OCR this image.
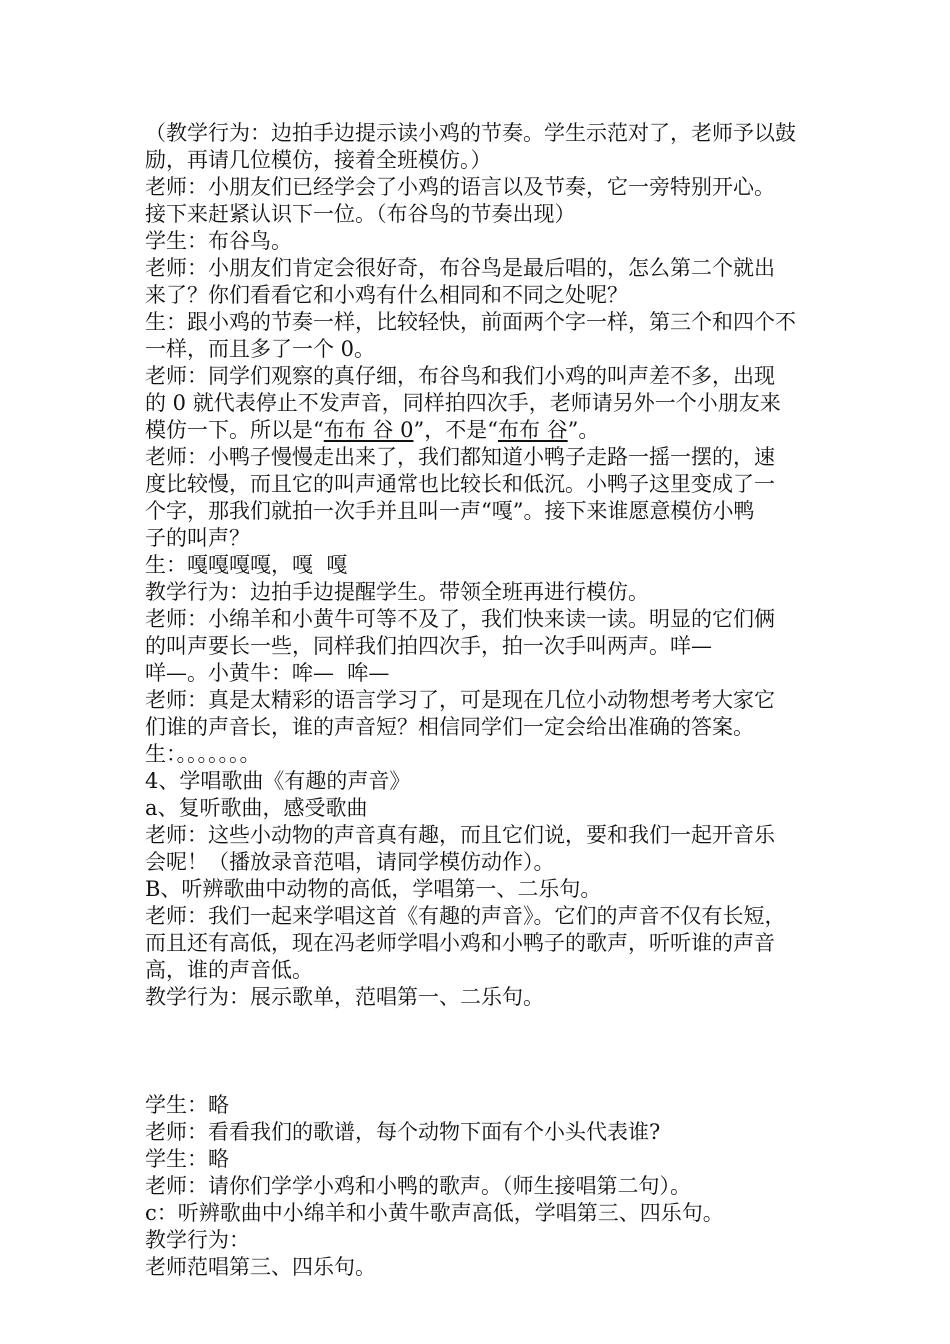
（教学行为：边拍手边提示读小鸡的节奏。学生示范对了，老师予以鼓

励，再请几位模仿，接着全班模仿。）

老师：小朋友们已经学会了小鸡的语言以及节奏，它一旁特别开心。

接下来赶紧认识下一位。（布谷鸟的节奏出现）

学生：布谷鸟。

老师：小朋友们肯定会很好奇，布谷鸟是最后唱的，怎么第二个就出

来了？你们看看它和小鸡有什么相同和不同之处呢？

生：跟小鸡的节奏一样，比较轻快，前面两个字一样，第三个和四个不

一样，而且多了一个 0。

老师：同学们观察的真仔细，布谷鸟和我们小鸡的叫声差不多，出现

的 0 就代表停止不发声音，同样拍四次手，老师请另外一个小朋友来

模仿一下。所以是“布布 谷 0”，不是“布布 谷”。

老师：小鸭子慢慢走出来了，我们都知道小鸭子走路一摇一摆的，速

度比较慢，而且它的叫声通常也比较长和低沉。小鸭子这里变成了一

个字，那我们就拍一次手并且叫一声“嘎”。接下来谁愿意模仿小鸭

子的叫声？

生：嘎嘎嘎嘎，嘎  嘎

教学行为：边拍手边提醒学生。带领全班再进行模仿。

老师：小绵羊和小黄牛可等不及了，我们快来读一读。明显的它们俩

的叫声要长一些，同样我们拍四次手，拍一次手叫两声。咩—

咩—。小黄牛：哞—  哞—

老师：真是太精彩的语言学习了，可是现在几位小动物想考考大家它

们谁的声音长，谁的声音短？相信同学们一定会给出准确的答案。

生：。。。。。。。

4、学唱歌曲《有趣的声音》

a、复听歌曲，感受歌曲

老师：这些小动物的声音真有趣，而且它们说，要和我们一起开音乐

会呢！（播放录音范唱，请同学模仿动作）。

B、听辨歌曲中动物的高低，学唱第一、二乐句。

老师：我们一起来学唱这首《有趣的声音》。它们的声音不仅有长短，

而且还有高低，现在冯老师学唱小鸡和小鸭子的歌声，听听谁的声音

高，谁的声音低。

教学行为：展示歌单，范唱第一、二乐句。

学生：略

老师：看看我们的歌谱，每个动物下面有个小头代表谁?

学生：略

老师：请你们学学小鸡和小鸭的歌声。（师生接唱第二句）。

c：听辨歌曲中小绵羊和小黄牛歌声高低，学唱第三、四乐句。

教学行为：

老师范唱第三、四乐句。
